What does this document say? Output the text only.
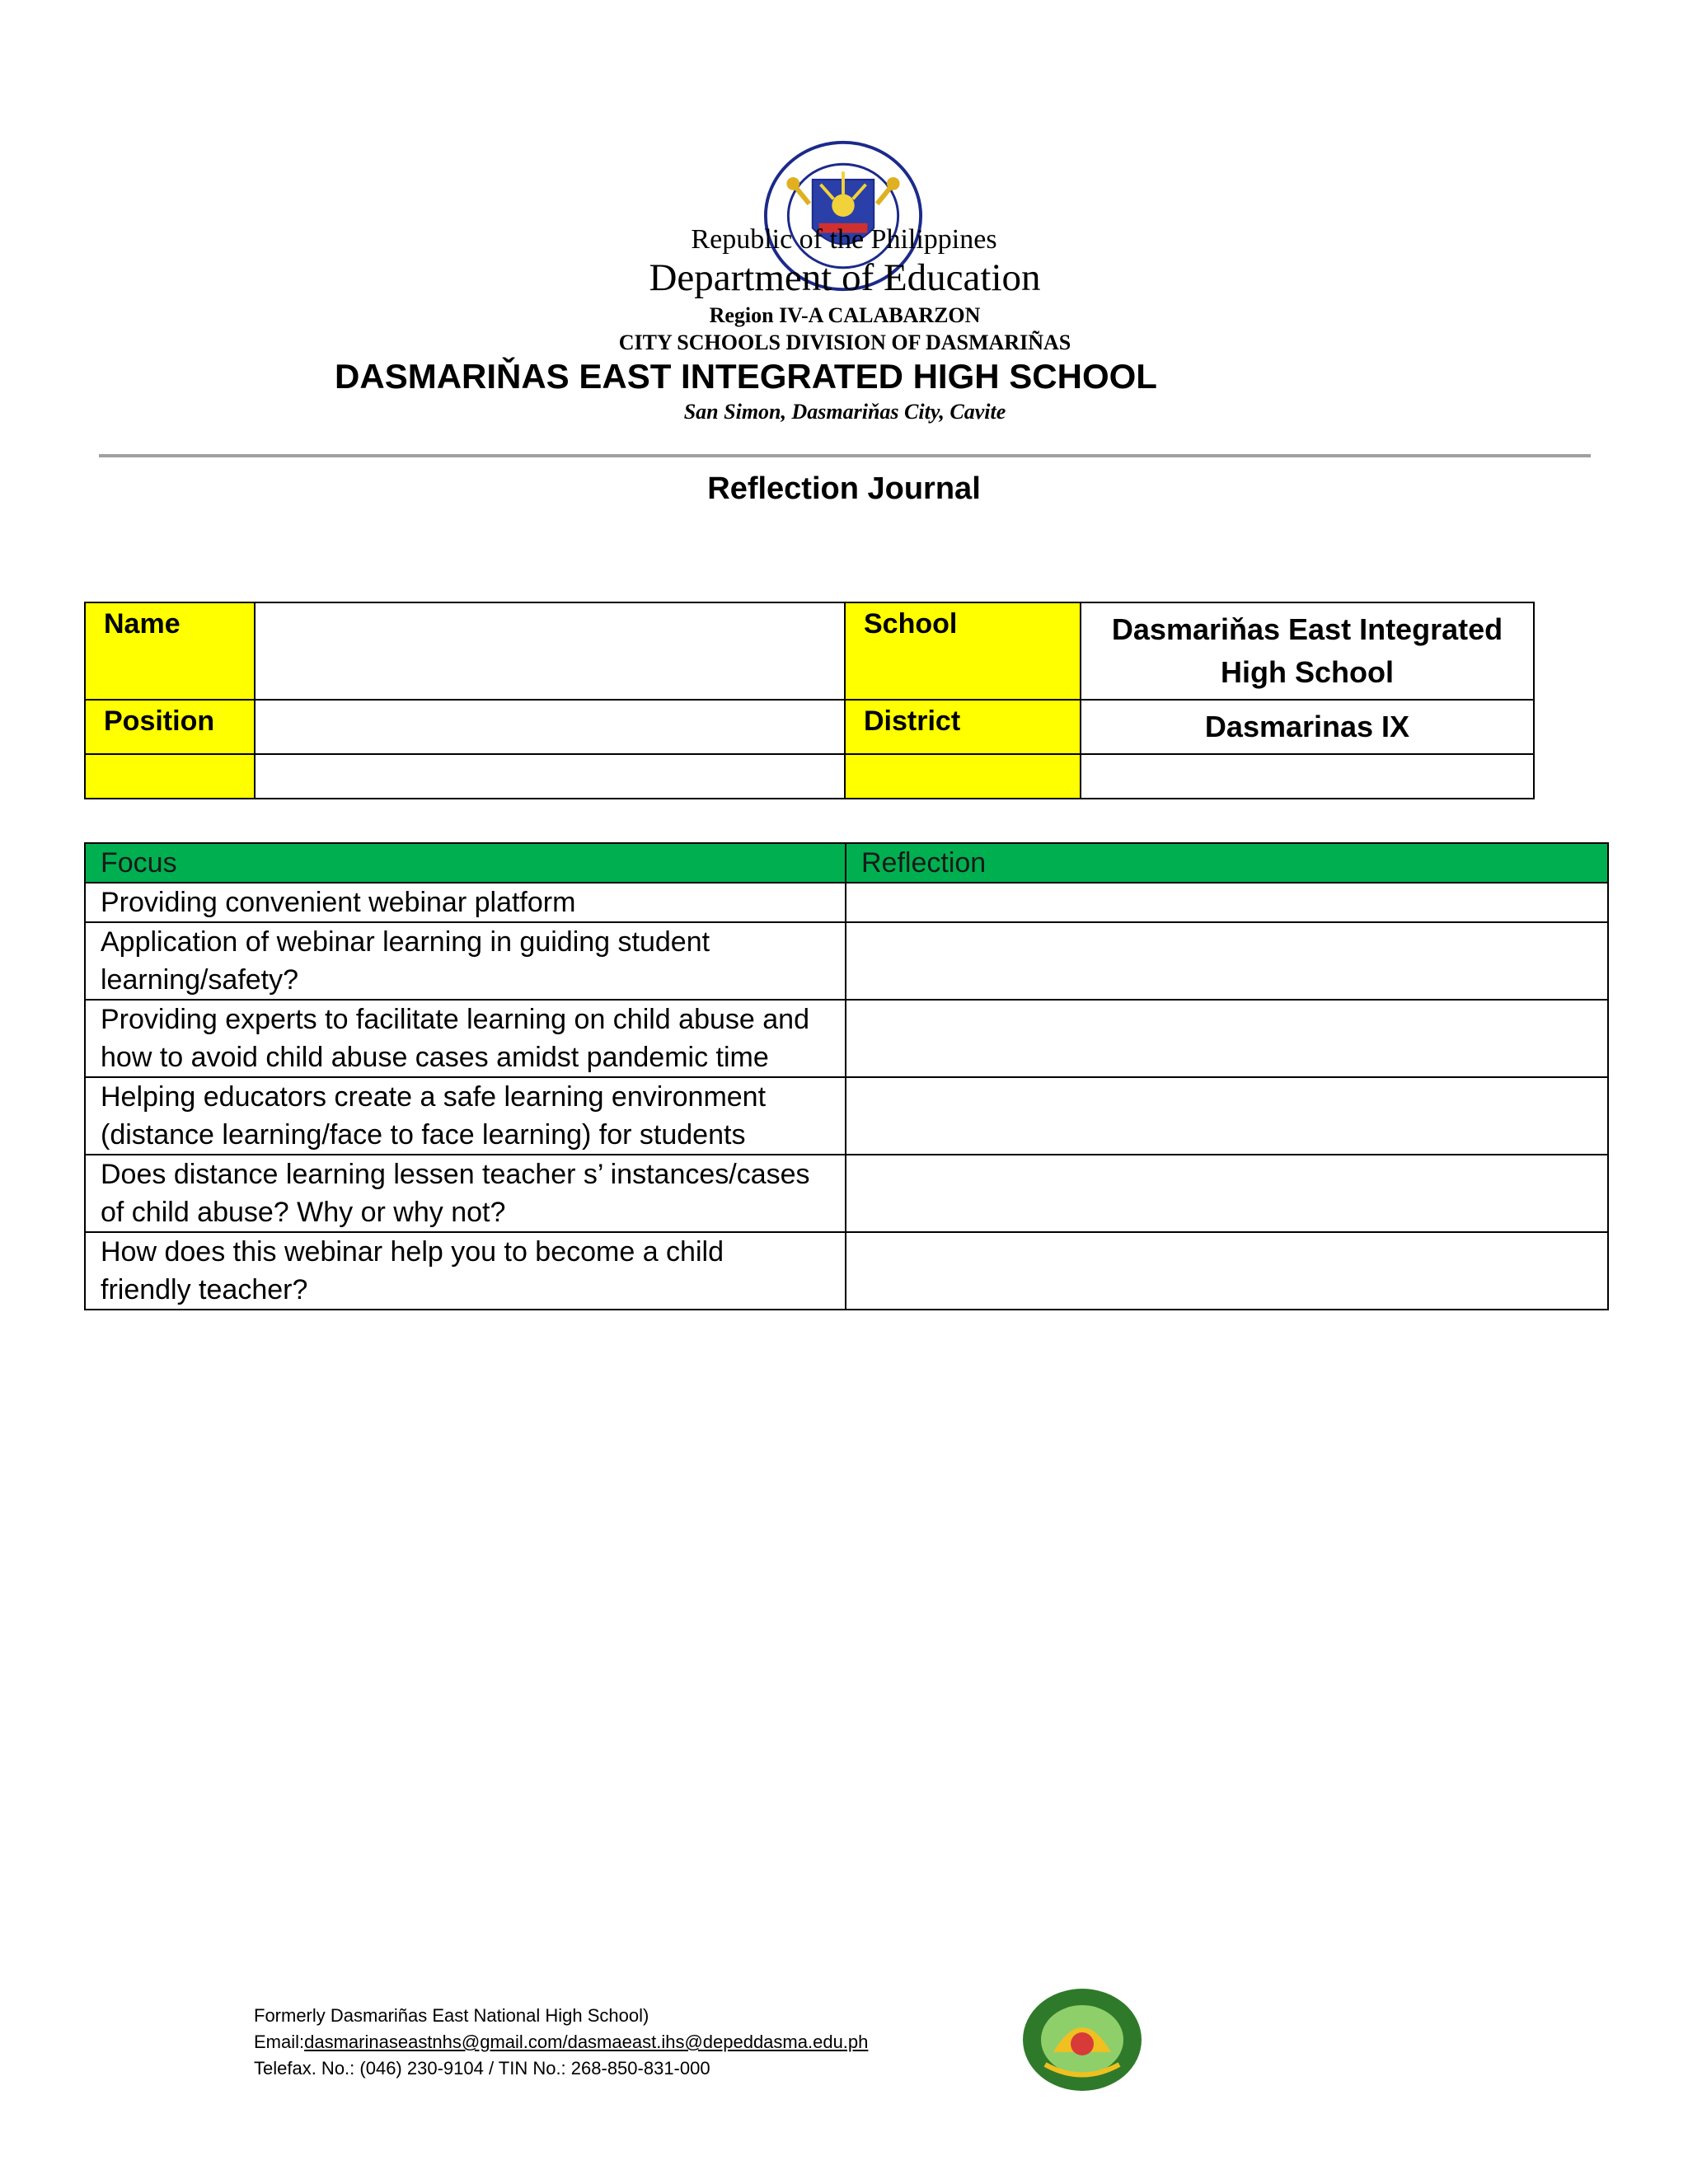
Republic of the Philippines
Department of Education
Region IV-A CALABARZON
CITY SCHOOLS DIVISION OF DASMARIÑAS
DASMARIŇAS EAST INTEGRATED HIGH SCHOOL
San Simon, Dasmariňas City, Cavite
Reflection Journal
Name		School	Dasmariňas East Integrated
High School

Position		District	Dasmarinas IX

Focus	Reflection

Providing convenient webinar platform	

Application of webinar learning in guiding student
learning/safety?	

Providing experts to facilitate learning on child abuse and
how to avoid child abuse cases amidst pandemic time	

Helping educators create a safe learning environment
(distance learning/face to face learning) for students	

Does distance learning lessen teacher s’ instances/cases
of child abuse? Why or why not?	

How does this webinar help you to become a child
friendly teacher?	

Formerly Dasmariñas East National High School)
Email:dasmarinaseastnhs@gmail.com/dasmaeast.ihs@depeddasma.edu.ph
Telefax. No.: (046) 230-9104 / TIN No.: 268-850-831-000
